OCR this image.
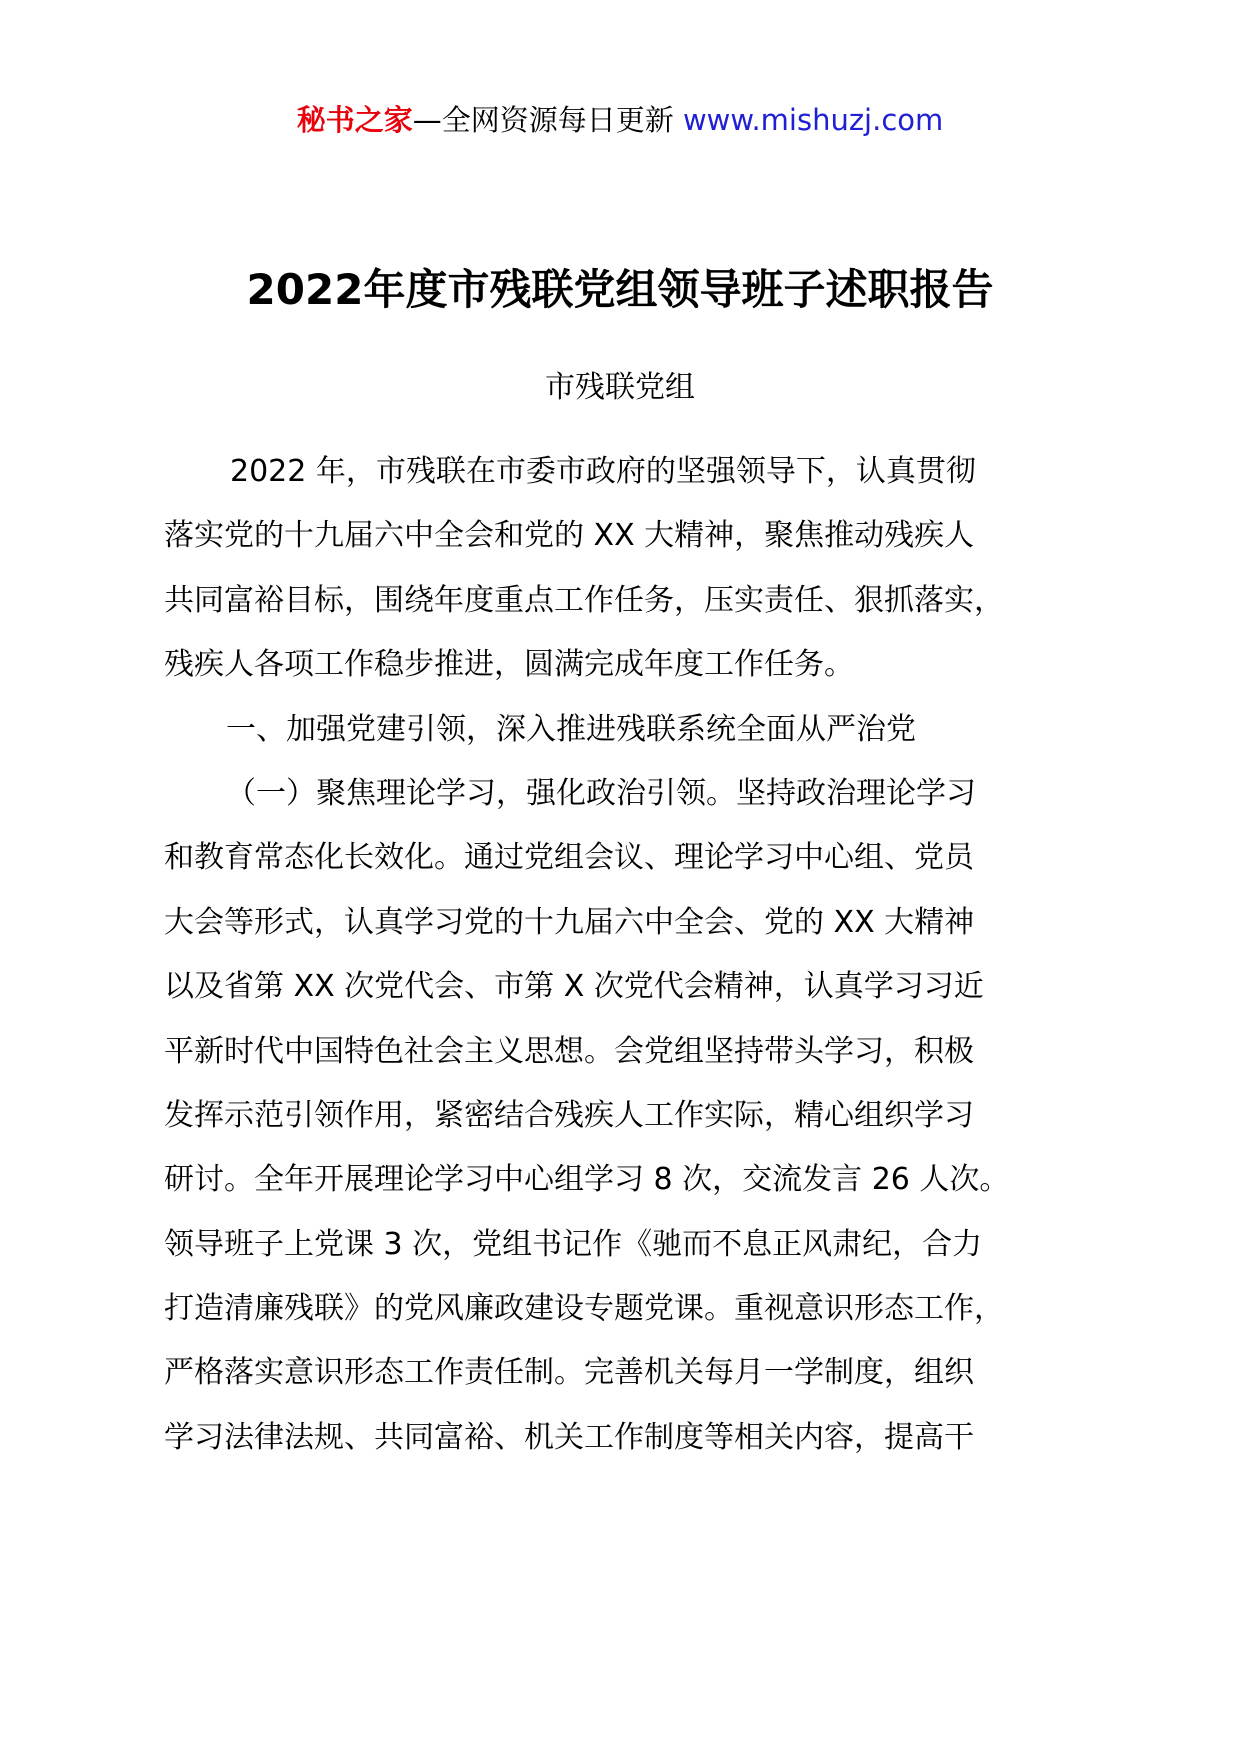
秘书之家—全网资源每日更新 www.mishuzj.com
2022年度市残联党组领导班子述职报告
市残联党组
2022 年，市残联在市委市政府的坚强领导下，认真贯彻
落实党的十九届六中全会和党的 XX 大精神，聚焦推动残疾人
共同富裕目标，围绕年度重点工作任务，压实责任、狠抓落实，
残疾人各项工作稳步推进，圆满完成年度工作任务。
一、加强党建引领，深入推进残联系统全面从严治党
（一）聚焦理论学习，强化政治引领。坚持政治理论学习
和教育常态化长效化。通过党组会议、理论学习中心组、党员
大会等形式，认真学习党的十九届六中全会、党的 XX 大精神
以及省第 XX 次党代会、市第 X 次党代会精神，认真学习习近
平新时代中国特色社会主义思想。会党组坚持带头学习，积极
发挥示范引领作用，紧密结合残疾人工作实际，精心组织学习
研讨。全年开展理论学习中心组学习 8 次，交流发言 26 人次。
领导班子上党课 3 次，党组书记作《驰而不息正风肃纪，合力
打造清廉残联》的党风廉政建设专题党课。重视意识形态工作，
严格落实意识形态工作责任制。完善机关每月一学制度，组织
学习法律法规、共同富裕、机关工作制度等相关内容，提高干
